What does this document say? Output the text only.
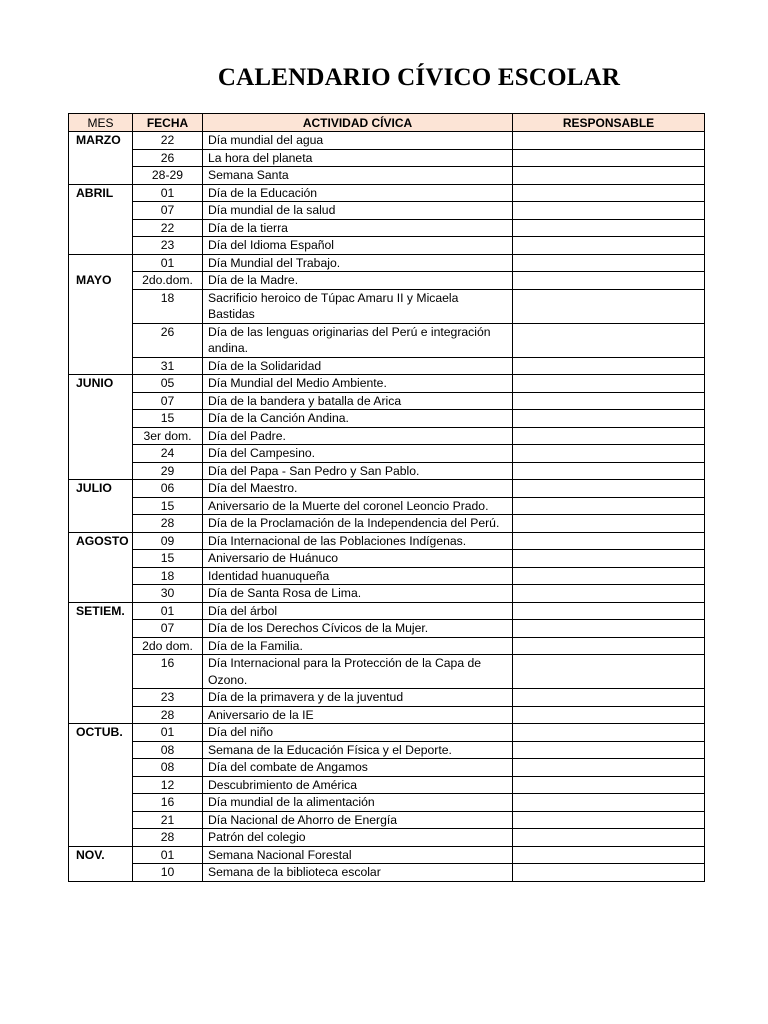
CALENDARIO CÍVICO ESCOLAR
MES	FECHA	ACTIVIDAD CÍVICA	RESPONSABLE
MARZO	22	Día mundial del agua	
	26	La hora del planeta	
	28-29	Semana Santa	
ABRIL	01	Día de la Educación	
	07	Día mundial de la salud	
	22	Día de la tierra	
	23	Día del Idioma Español	
	01	Día Mundial del Trabajo.	
MAYO	2do.dom.	Día de la Madre.	
	18	Sacrificio heroico de Túpac Amaru II y Micaela Bastidas	
	26	Día de las lenguas originarias del Perú e integración andina.	
	31	Día de la Solidaridad	
JUNIO	05	Día Mundial del Medio Ambiente.	
	07	Día de la bandera y batalla de Arica	
	15	Día de la Canción Andina.	
	3er dom.	Día del Padre.	
	24	Día del Campesino.	
	29	Día del Papa - San Pedro y San Pablo.	
JULIO	06	Día del Maestro.	
	15	Aniversario de la Muerte del coronel Leoncio Prado.	
	28	Día de la Proclamación de la Independencia del Perú.	
AGOSTO	09	Día Internacional de las Poblaciones Indígenas.	
	15	Aniversario de Huánuco	
	18	Identidad huanuqueña	
	30	Día de Santa Rosa de Lima.	
SETIEM.	01	Día del árbol	
	07	Día de los Derechos Cívicos de la Mujer.	
	2do dom.	Día de la Familia.	
	16	Día Internacional para la Protección de la Capa de Ozono.	
	23	Día de la primavera y de la juventud	
	28	Aniversario de la IE	
OCTUB.	01	Día del niño	
	08	Semana de la Educación Física y el Deporte.	
	08	Día del combate de Angamos	
	12	Descubrimiento de América	
	16	Día mundial de la alimentación	
	21	Día Nacional de Ahorro de Energía	
	28	Patrón del colegio	
NOV.	01	Semana Nacional Forestal	
	10	Semana de la biblioteca escolar	
